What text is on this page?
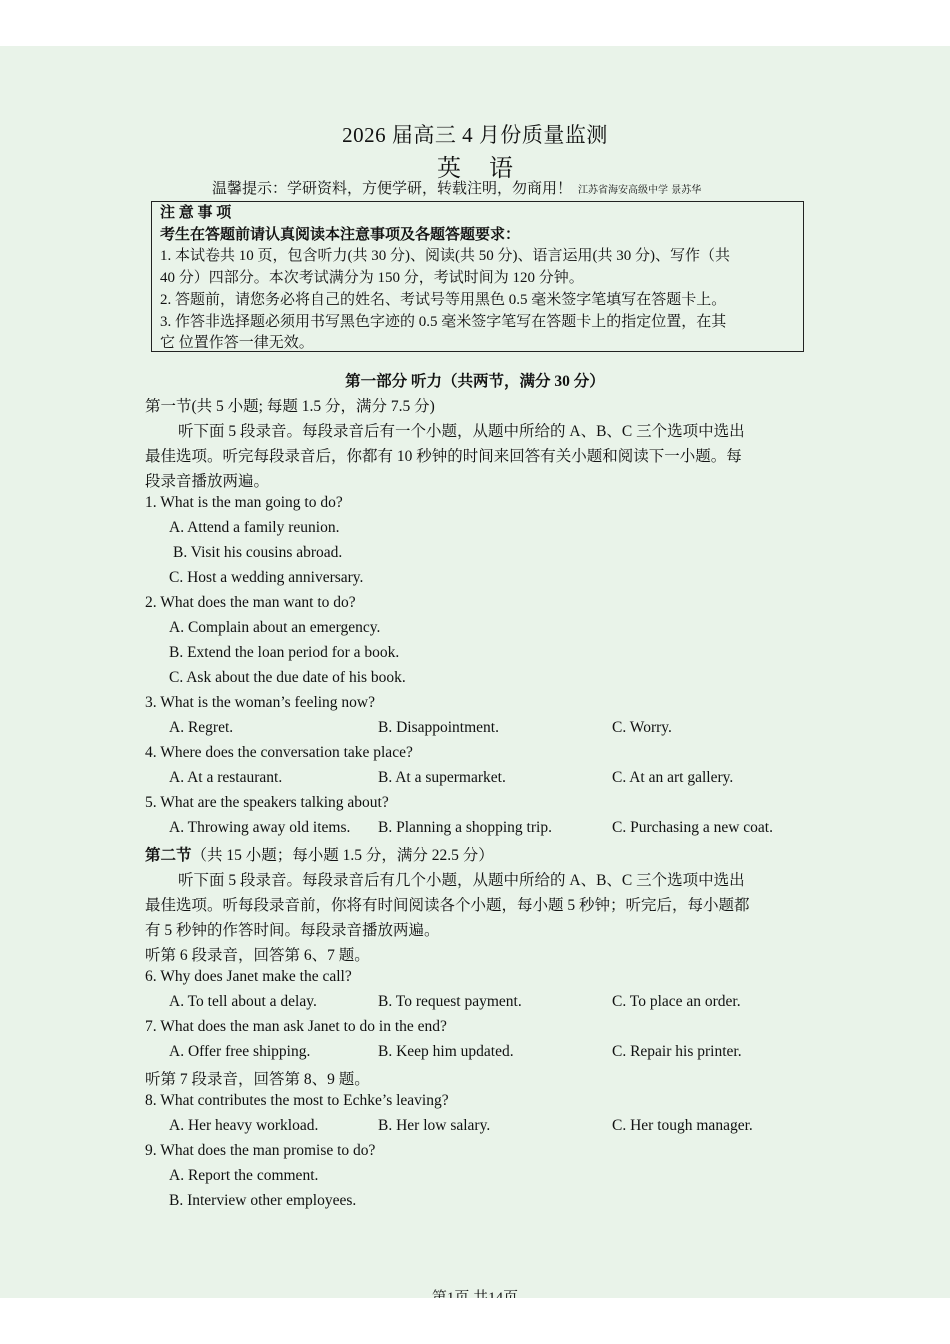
2026 届高三 4 月份质量监测
英语
温馨提示：学研资料，方便学研，转载注明，勿商用！ 江苏省海安高级中学 景苏华
注 意 事 项
考生在答题前请认真阅读本注意事项及各题答题要求：
1. 本试卷共 10 页，包含听力(共 30 分)、阅读(共 50 分)、语言运用(共 30 分)、写作（共
40 分）四部分。本次考试满分为 150 分，考试时间为 120 分钟。
2. 答题前，请您务必将自己的姓名、考试号等用黑色 0.5 毫米签字笔填写在答题卡上。
3. 作答非选择题必须用书写黑色字迹的 0.5 毫米签字笔写在答题卡上的指定位置，在其
它 位置作答一律无效。
第一部分 听力（共两节，满分 30 分）
第一节(共 5 小题; 每题 1.5 分，满分 7.5 分)
听下面 5 段录音。每段录音后有一个小题，从题中所给的 A、B、C 三个选项中选出
最佳选项。听完每段录音后，你都有 10 秒钟的时间来回答有关小题和阅读下一小题。每
段录音播放两遍。
1. What is the man going to do?
A. Attend a family reunion.
B. Visit his cousins abroad.
C. Host a wedding anniversary.
2. What does the man want to do?
A. Complain about an emergency.
B. Extend the loan period for a book.
C. Ask about the due date of his book.
3. What is the woman’s feeling now?
A. Regret.	B. Disappointment.	C. Worry.
4. Where does the conversation take place?
A. At a restaurant.	B. At a supermarket.	C. At an art gallery.
5. What are the speakers talking about?
A. Throwing away old items. B. Planning a shopping trip.	C. Purchasing a new coat.
第二节（共 15 小题；每小题 1.5 分，满分 22.5 分）
听下面 5 段录音。每段录音后有几个小题，从题中所给的 A、B、C 三个选项中选出
最佳选项。听每段录音前，你将有时间阅读各个小题，每小题 5 秒钟；听完后，每小题都
有 5 秒钟的作答时间。每段录音播放两遍。
听第 6 段录音，回答第 6、7 题。
6. Why does Janet make the call?
A. To tell about a delay.	B. To request payment.	C. To place an order.
7. What does the man ask Janet to do in the end?
A. Offer free shipping.	B. Keep him updated.	C. Repair his printer.
听第 7 段录音，回答第 8、9 题。
8. What contributes the most to Echke’s leaving?
A. Her heavy workload.	B. Her low salary.	C. Her tough manager.
9. What does the man promise to do?
A. Report the comment.
B. Interview other employees.
